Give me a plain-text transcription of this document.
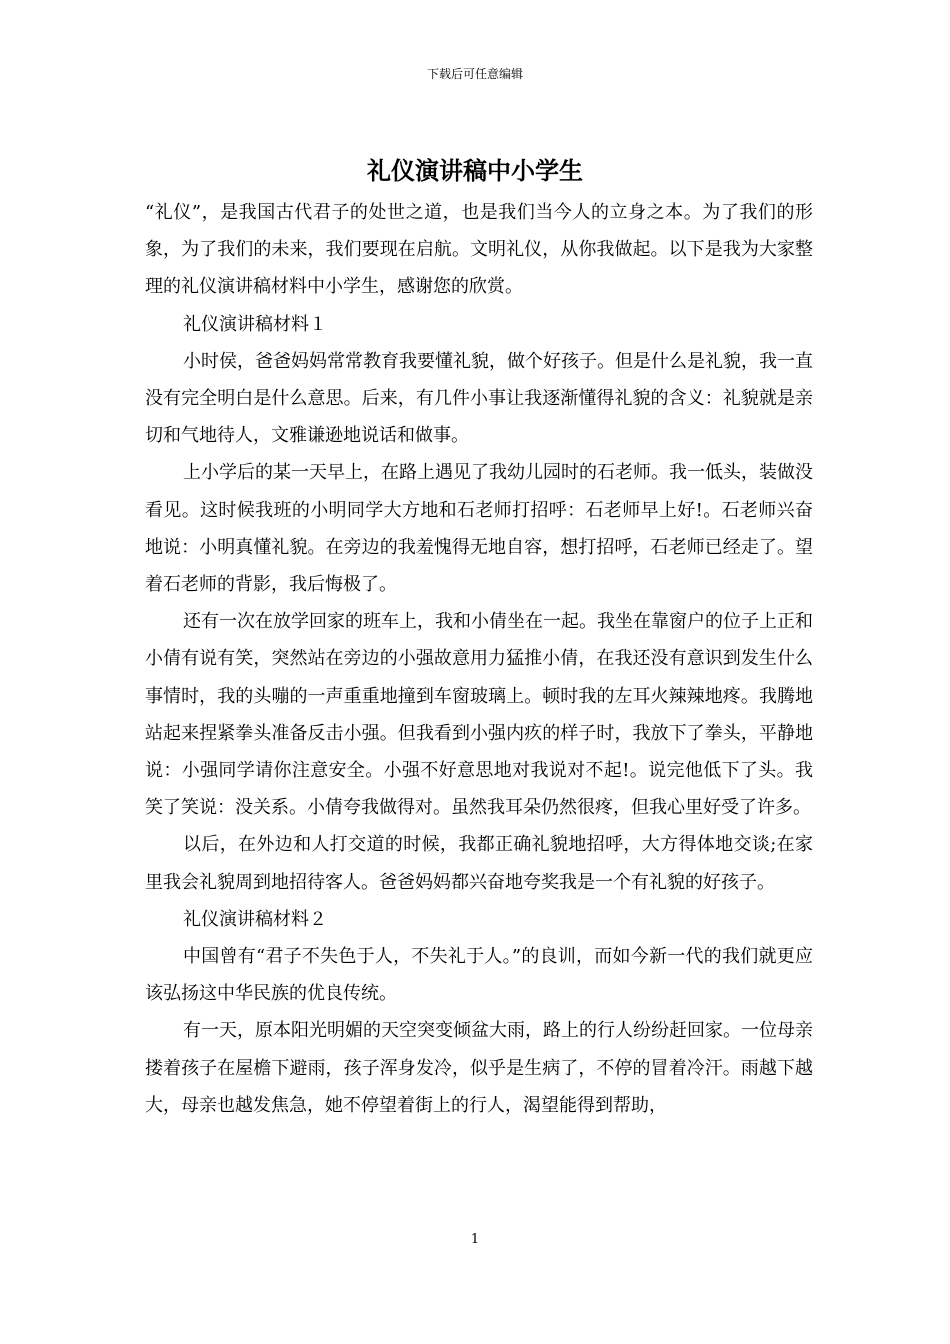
下载后可任意编辑
礼仪演讲稿中小学生

“礼仪”，是我国古代君子的处世之道，也是我们当今人的立身之本。为了我们的形象，为了我们的未来，我们要现在启航。文明礼仪，从你我做起。以下是我为大家整理的礼仪演讲稿材料中小学生，感谢您的欣赏。

礼仪演讲稿材料１

小时侯，爸爸妈妈常常教育我要懂礼貌，做个好孩子。但是什么是礼貌，我一直没有完全明白是什么意思。后来，有几件小事让我逐渐懂得礼貌的含义：礼貌就是亲切和气地待人，文雅谦逊地说话和做事。

上小学后的某一天早上，在路上遇见了我幼儿园时的石老师。我一低头，装做没看见。这时候我班的小明同学大方地和石老师打招呼：石老师早上好!。石老师兴奋地说：小明真懂礼貌。在旁边的我羞愧得无地自容，想打招呼，石老师已经走了。望着石老师的背影，我后悔极了。

还有一次在放学回家的班车上，我和小倩坐在一起。我坐在靠窗户的位子上正和小倩有说有笑，突然站在旁边的小强故意用力猛推小倩，在我还没有意识到发生什么事情时，我的头嘣的一声重重地撞到车窗玻璃上。顿时我的左耳火辣辣地疼。我腾地站起来捏紧拳头准备反击小强。但我看到小强内疚的样子时，我放下了拳头，平静地说：小强同学请你注意安全。小强不好意思地对我说对不起!。说完他低下了头。我笑了笑说：没关系。小倩夸我做得对。虽然我耳朵仍然很疼，但我心里好受了许多。

以后，在外边和人打交道的时候，我都正确礼貌地招呼，大方得体地交谈;在家里我会礼貌周到地招待客人。爸爸妈妈都兴奋地夸奖我是一个有礼貌的好孩子。

礼仪演讲稿材料２

中国曾有“君子不失色于人，不失礼于人。”的良训，而如今新一代的我们就更应该弘扬这中华民族的优良传统。

有一天，原本阳光明媚的天空突变倾盆大雨，路上的行人纷纷赶回家。一位母亲搂着孩子在屋檐下避雨，孩子浑身发冷，似乎是生病了，不停的冒着冷汗。雨越下越大，母亲也越发焦急，她不停望着街上的行人，渴望能得到帮助，

1
